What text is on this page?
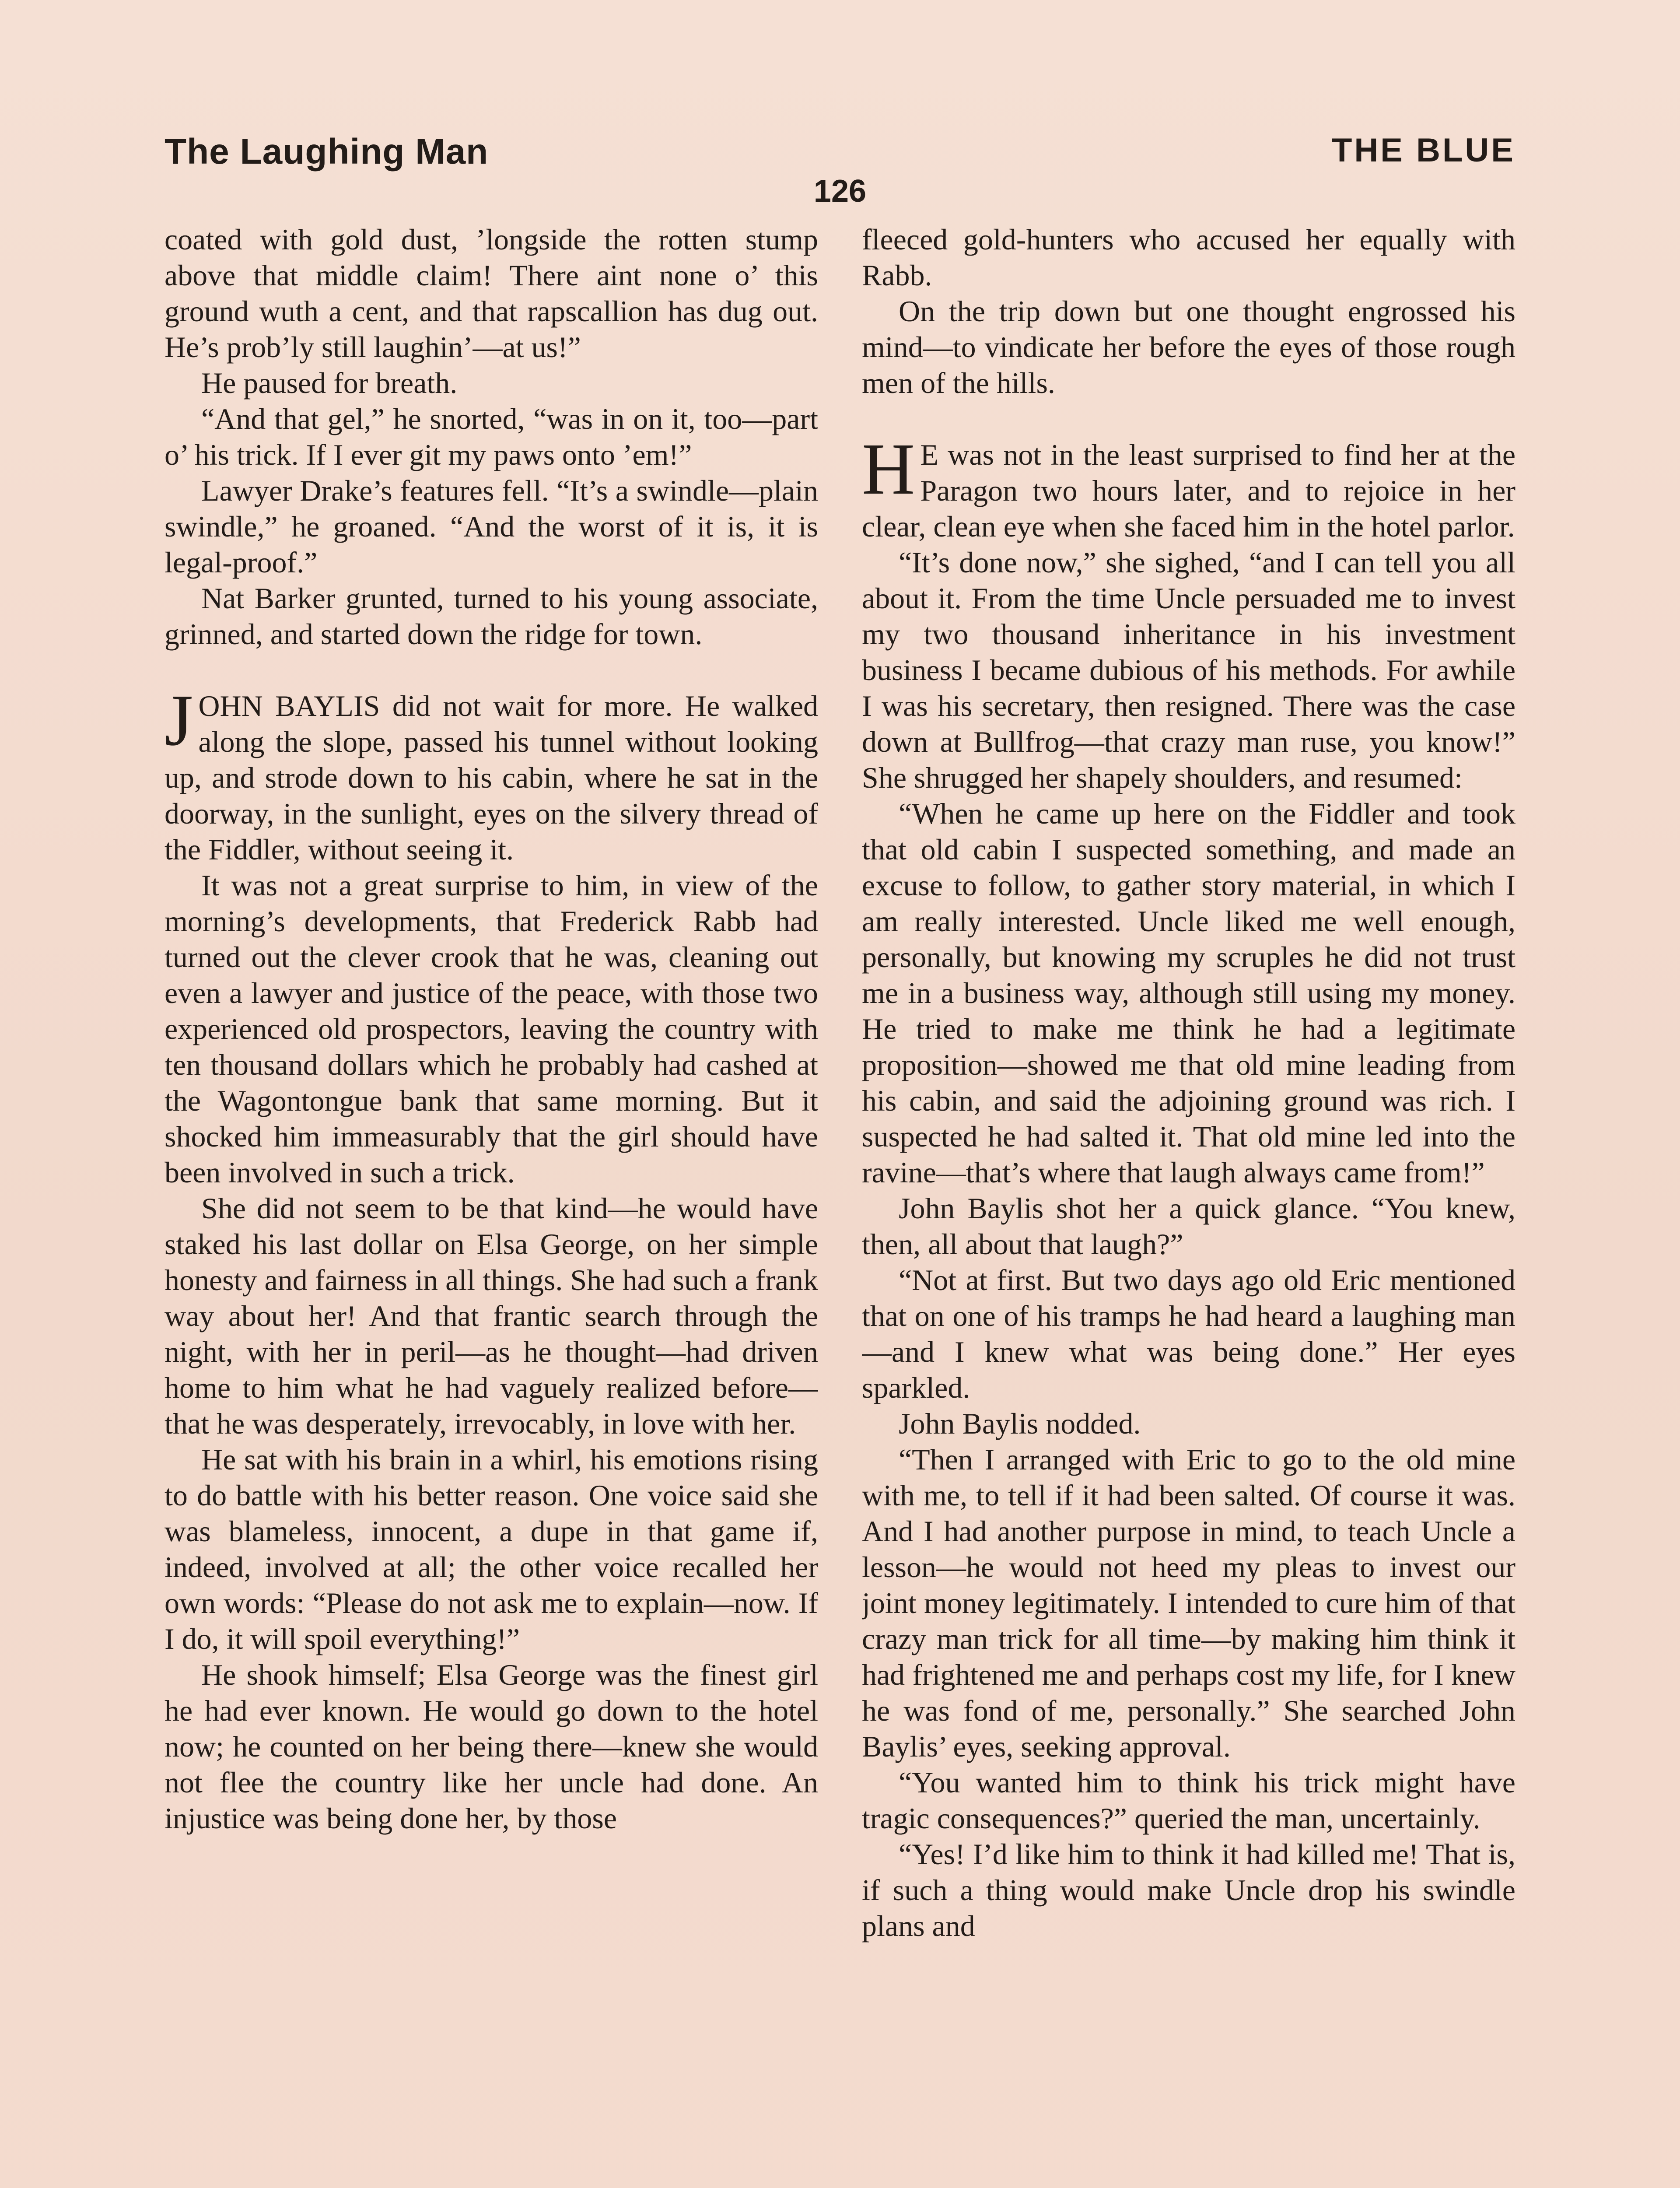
The Laughing Man	THE BLUE
126

coated with gold dust, ’longside the rotten stump above that middle claim! There aint none o’ this ground wuth a cent, and that rapscallion has dug out. He’s prob’ly still laughin’—at us!”

He paused for breath.

“And that gel,” he snorted, “was in on it, too—part o’ his trick. If I ever git my paws onto ’em!”

Lawyer Drake’s features fell. “It’s a swindle—plain swindle,” he groaned. “And the worst of it is, it is legal-proof.”

Nat Barker grunted, turned to his young associate, grinned, and started down the ridge for town.

JOHN BAYLIS did not wait for more. He walked along the slope, passed his tunnel without looking up, and strode down to his cabin, where he sat in the doorway, in the sunlight, eyes on the silvery thread of the Fiddler, without seeing it.

It was not a great surprise to him, in view of the morning’s developments, that Frederick Rabb had turned out the clever crook that he was, cleaning out even a lawyer and justice of the peace, with those two experienced old prospectors, leaving the country with ten thousand dollars which he probably had cashed at the Wagontongue bank that same morning. But it shocked him immeasurably that the girl should have been involved in such a trick.

She did not seem to be that kind—he would have staked his last dollar on Elsa George, on her simple honesty and fairness in all things. She had such a frank way about her! And that frantic search through the night, with her in peril—as he thought—had driven home to him what he had vaguely realized before—that he was desperately, irrevocably, in love with her.

He sat with his brain in a whirl, his emotions rising to do battle with his better reason. One voice said she was blameless, innocent, a dupe in that game if, indeed, involved at all; the other voice recalled her own words: “Please do not ask me to explain—now. If I do, it will spoil everything!”

He shook himself; Elsa George was the finest girl he had ever known. He would go down to the hotel now; he counted on her being there—knew she would not flee the country like her uncle had done. An injustice was being done her, by those

fleeced gold-hunters who accused her equally with Rabb.

On the trip down but one thought engrossed his mind—to vindicate her before the eyes of those rough men of the hills.

HE was not in the least surprised to find her at the Paragon two hours later, and to rejoice in her clear, clean eye when she faced him in the hotel parlor.

“It’s done now,” she sighed, “and I can tell you all about it. From the time Uncle persuaded me to invest my two thousand inheritance in his investment business I became dubious of his methods. For awhile I was his secretary, then resigned. There was the case down at Bullfrog—that crazy man ruse, you know!” She shrugged her shapely shoulders, and resumed:

“When he came up here on the Fiddler and took that old cabin I suspected something, and made an excuse to follow, to gather story material, in which I am really interested. Uncle liked me well enough, personally, but knowing my scruples he did not trust me in a business way, although still using my money. He tried to make me think he had a legitimate proposition—showed me that old mine leading from his cabin, and said the adjoining ground was rich. I suspected he had salted it. That old mine led into the ravine—that’s where that laugh always came from!”

John Baylis shot her a quick glance. “You knew, then, all about that laugh?”

“Not at first. But two days ago old Eric mentioned that on one of his tramps he had heard a laughing man—and I knew what was being done.” Her eyes sparkled.

John Baylis nodded.

“Then I arranged with Eric to go to the old mine with me, to tell if it had been salted. Of course it was. And I had another purpose in mind, to teach Uncle a lesson—he would not heed my pleas to invest our joint money legitimately. I intended to cure him of that crazy man trick for all time—by making him think it had frightened me and perhaps cost my life, for I knew he was fond of me, personally.” She searched John Baylis’ eyes, seeking approval.

“You wanted him to think his trick might have tragic consequences?” queried the man, uncertainly.

“Yes! I’d like him to think it had killed me! That is, if such a thing would make Uncle drop his swindle plans and
